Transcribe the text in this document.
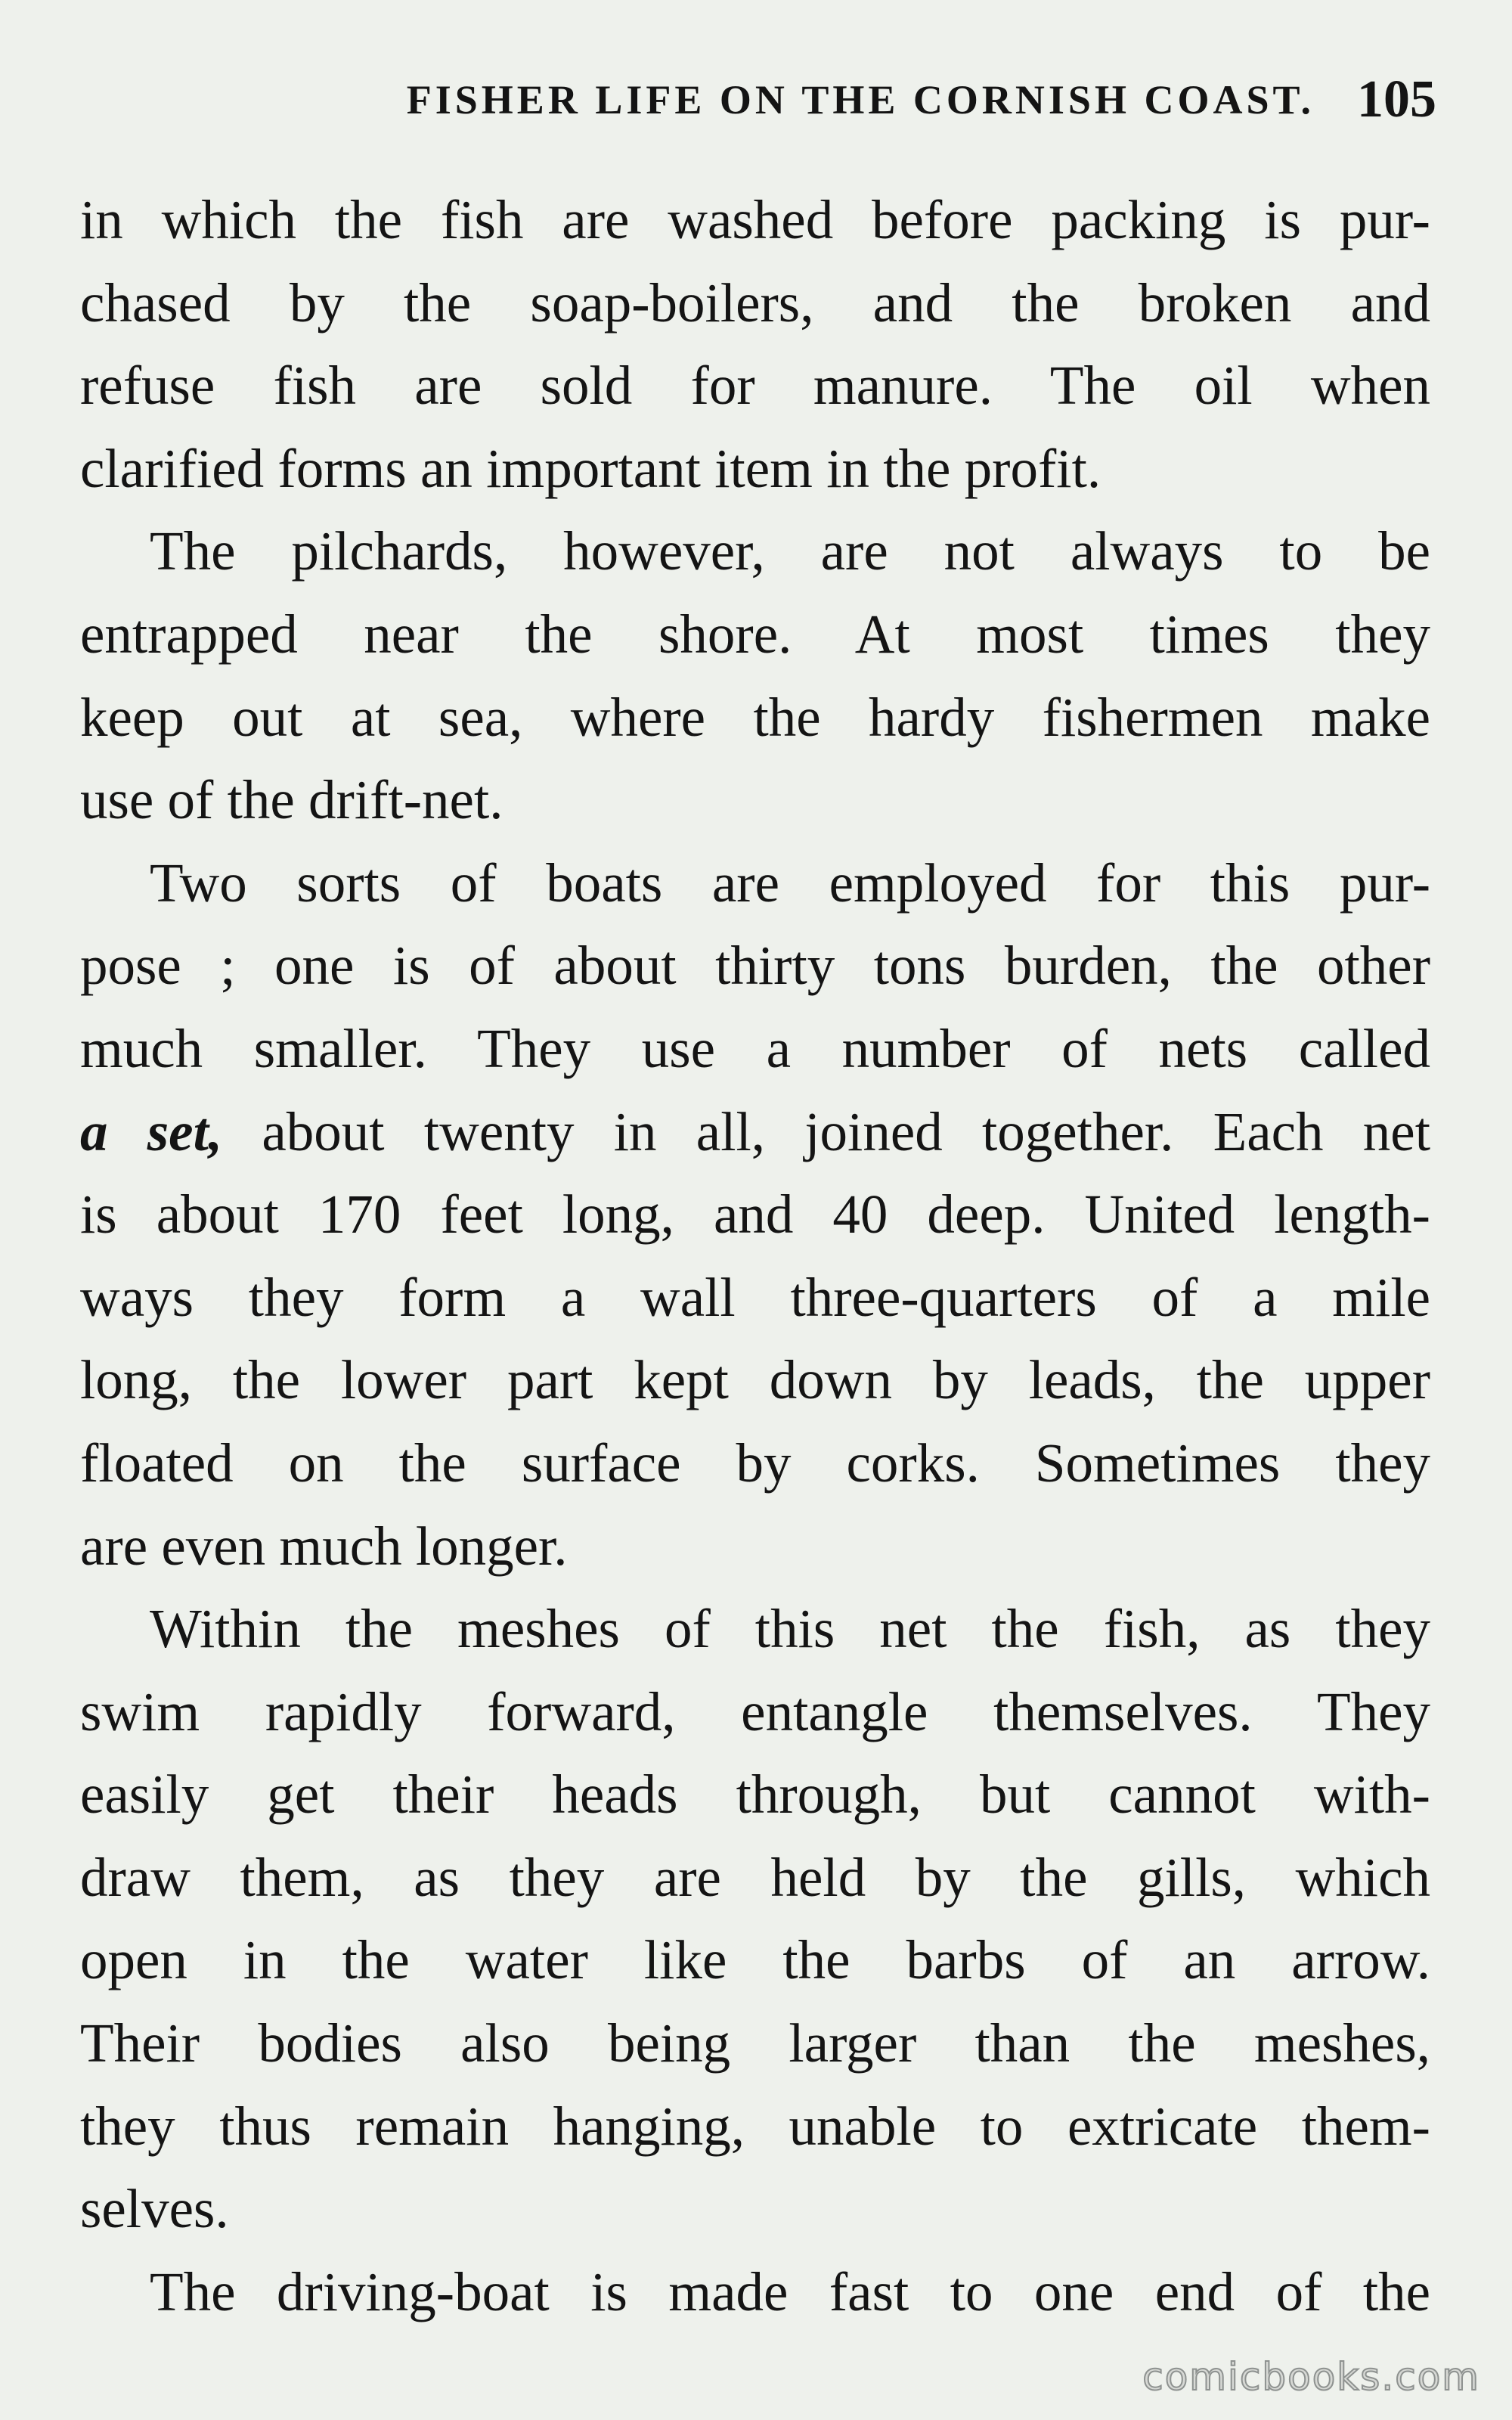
FISHER LIFE ON THE CORNISH COAST. 105
in which the fish are washed before packing is pur-
chased by the soap-boilers, and the broken and
refuse fish are sold for manure. The oil when
clarified forms an important item in the profit.
The pilchards, however, are not always to be
entrapped near the shore. At most times they
keep out at sea, where the hardy fishermen make
use of the drift-net.
Two sorts of boats are employed for this pur-
pose ; one is of about thirty tons burden, the other
much smaller. They use a number of nets called
a set, about twenty in all, joined together. Each net
is about 170 feet long, and 40 deep. United length-
ways they form a wall three-quarters of a mile
long, the lower part kept down by leads, the upper
floated on the surface by corks. Sometimes they
are even much longer.
Within the meshes of this net the fish, as they
swim rapidly forward, entangle themselves. They
easily get their heads through, but cannot with-
draw them, as they are held by the gills, which
open in the water like the barbs of an arrow.
Their bodies also being larger than the meshes,
they thus remain hanging, unable to extricate them-
selves.
The driving-boat is made fast to one end of the
comicbooks.com
